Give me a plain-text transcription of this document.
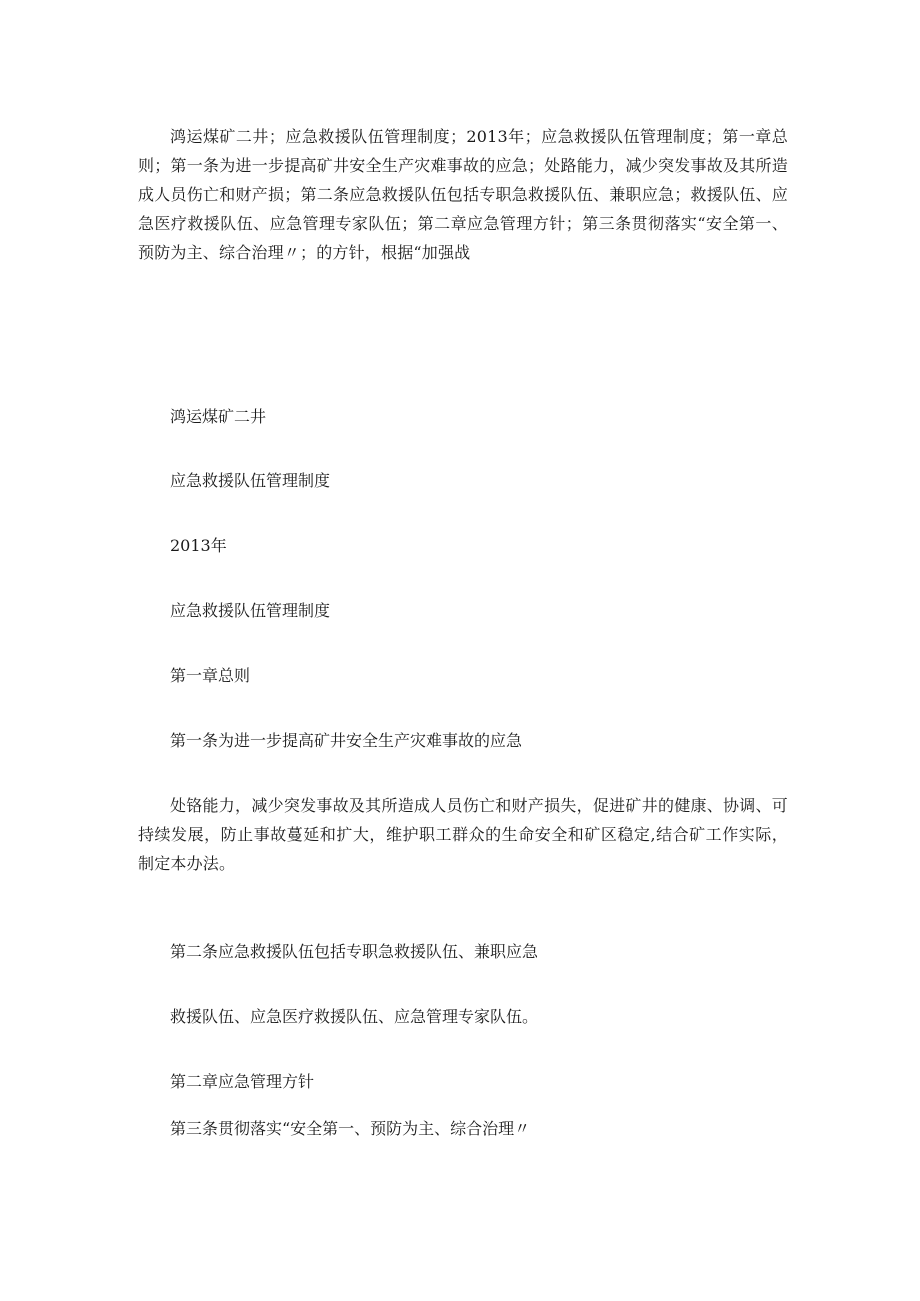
鸿运煤矿二井；应急救援队伍管理制度；2013年；应急救援队伍管理制度；第一章总则；第一条为进一步提高矿井安全生产灾难事故的应急；处路能力，减少突发事故及其所造成人员伤亡和财产损；第二条应急救援队伍包括专职急救援队伍、兼职应急；救援队伍、应急医疗救援队伍、应急管理专家队伍；第二章应急管理方针；第三条贯彻落实“安全第一、预防为主、综合治理〃；的方针，根据“加强战

鸿运煤矿二井

应急救援队伍管理制度

2013年

应急救援队伍管理制度

第一章总则

第一条为进一步提高矿井安全生产灾难事故的应急

处铬能力，减少突发事故及其所造成人员伤亡和财产损失，促进矿井的健康、协调、可持续发展，防止事故蔓延和扩大，维护职工群众的生命安全和矿区稳定,结合矿工作实际，制定本办法。

第二条应急救援队伍包括专职急救援队伍、兼职应急

救援队伍、应急医疗救援队伍、应急管理专家队伍。

第二章应急管理方针

第三条贯彻落实“安全第一、预防为主、综合治理〃
